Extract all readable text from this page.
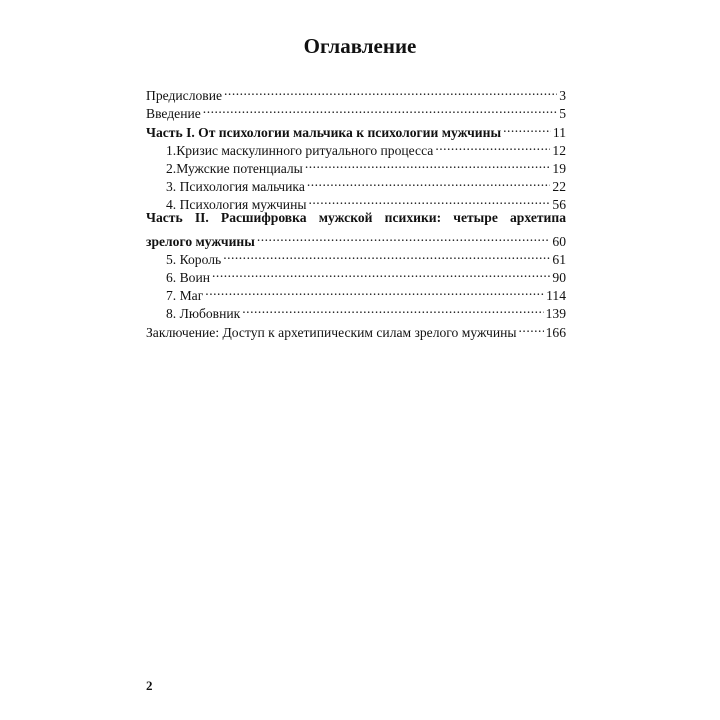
Оглавление
Предисловие .....	3
Введение .....	5
Часть I. От психологии мальчика к психологии мужчины .....	11
1.Кризис маскулинного ритуального процесса .....	12
2.Мужские потенциалы .....	19
3. Психология мальчика .....	22
4. Психология мужчины .....	56
Часть II. Расшифровка мужской психики: четыре архетипа
зрелого мужчины .....	60
5. Король .....	61
6. Воин .....	90
7. Маг .....	114
8. Любовник .....	139
Заключение: Доступ к архетипическим силам зрелого мужчины ..... 166
2
